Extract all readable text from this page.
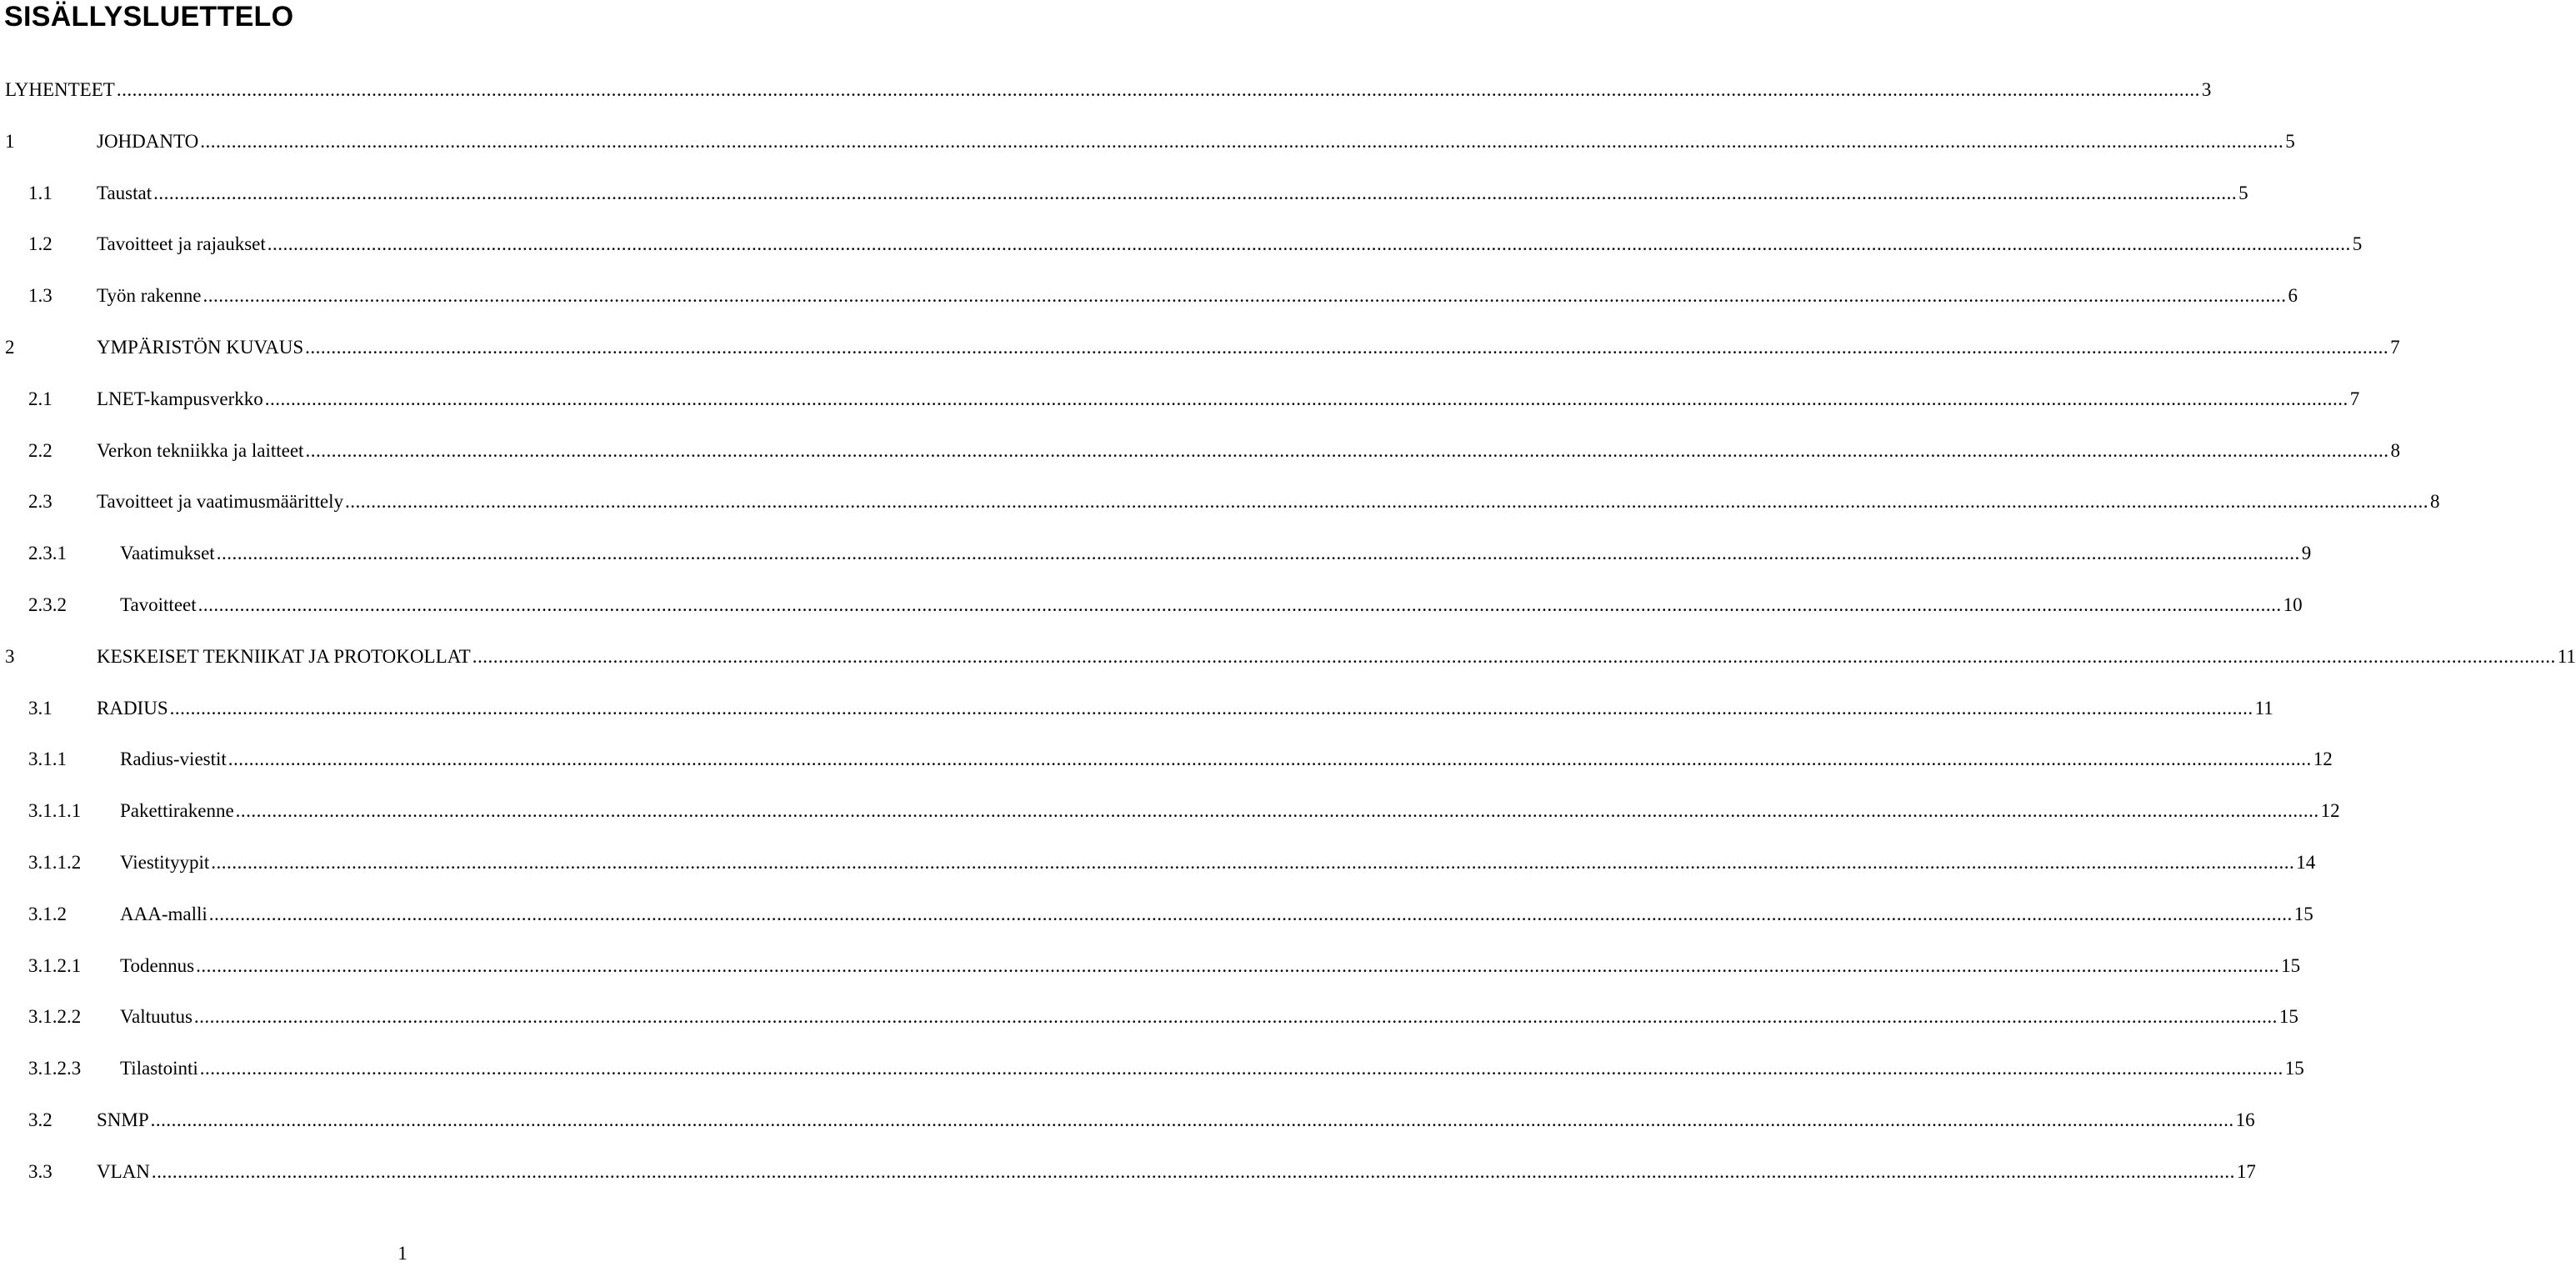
SISÄLLYSLUETTELO
LYHENTEET ................................................................................................................................................................................................................................................................................................................................................................................................................ 3
1	JOHDANTO ................................................................................................................................................................................................................................................................................................................................................................................................................ 5
1.1 Taustat ................................................................................................................................................................................................................................................................................................................................................................................................................ 5
1.2 Tavoitteet ja rajaukset ................................................................................................................................................................................................................................................................................................................................................................................................................ 5
1.3 Työn rakenne ................................................................................................................................................................................................................................................................................................................................................................................................................ 6
2	YMPÄRISTÖN KUVAUS ................................................................................................................................................................................................................................................................................................................................................................................................................ 7
2.1 LNET-kampusverkko ................................................................................................................................................................................................................................................................................................................................................................................................................ 7
2.2 Verkon tekniikka ja laitteet ................................................................................................................................................................................................................................................................................................................................................................................................................ 8
2.3 Tavoitteet ja vaatimusmäärittely ................................................................................................................................................................................................................................................................................................................................................................................................................ 8
2.3.1	Vaatimukset ................................................................................................................................................................................................................................................................................................................................................................................................................ 9
2.3.2	Tavoitteet ................................................................................................................................................................................................................................................................................................................................................................................................................ 10
3	KESKEISET TEKNIIKAT JA PROTOKOLLAT ................................................................................................................................................................................................................................................................................................................................................................................................................ 11
3.1 RADIUS ................................................................................................................................................................................................................................................................................................................................................................................................................ 11
3.1.1	Radius-viestit ................................................................................................................................................................................................................................................................................................................................................................................................................ 12
3.1.1.1 Pakettirakenne ................................................................................................................................................................................................................................................................................................................................................................................................................ 12
3.1.1.2 Viestityypit ................................................................................................................................................................................................................................................................................................................................................................................................................ 14
3.1.2	AAA-malli ................................................................................................................................................................................................................................................................................................................................................................................................................ 15
3.1.2.1 Todennus ................................................................................................................................................................................................................................................................................................................................................................................................................ 15
3.1.2.2 Valtuutus ................................................................................................................................................................................................................................................................................................................................................................................................................ 15
3.1.2.3 Tilastointi ................................................................................................................................................................................................................................................................................................................................................................................................................ 15
3.2 SNMP ................................................................................................................................................................................................................................................................................................................................................................................................................ 16
3.3 VLAN ................................................................................................................................................................................................................................................................................................................................................................................................................ 17
1
